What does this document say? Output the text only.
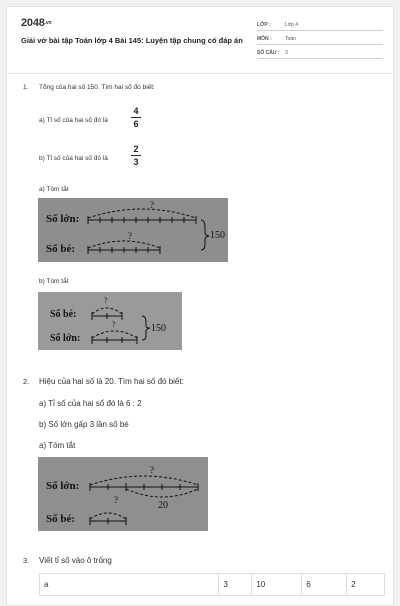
2048.vn
Giải vở bài tập Toán lớp 4 Bài 145: Luyện tập chung có đáp án
LỚP :	Lớp 4
MÔN :	Toán
SỐ CÂU : 3
1. Tổng của hai số 150. Tìm hai số đó biết:
a) Tỉ số của hai số đó là
4
6
b) Tỉ số của hai số đó là
2
3
a) Tóm tắt
Số lớn:
Số bé:
?
?	150
b) Tóm tắt
Số bé:
Số lớn:
?
?	150
2. Hiệu của hai số là 20. Tìm hai số đó biết:
a) Tỉ số của hai số đó là 6 : 2
b) Số lớn gấp 3 lần số bé
a) Tóm tắt
Số lớn:
Số bé:
?
?	20
3. Viết tỉ số vào ô trống
a	3	10	6	2
